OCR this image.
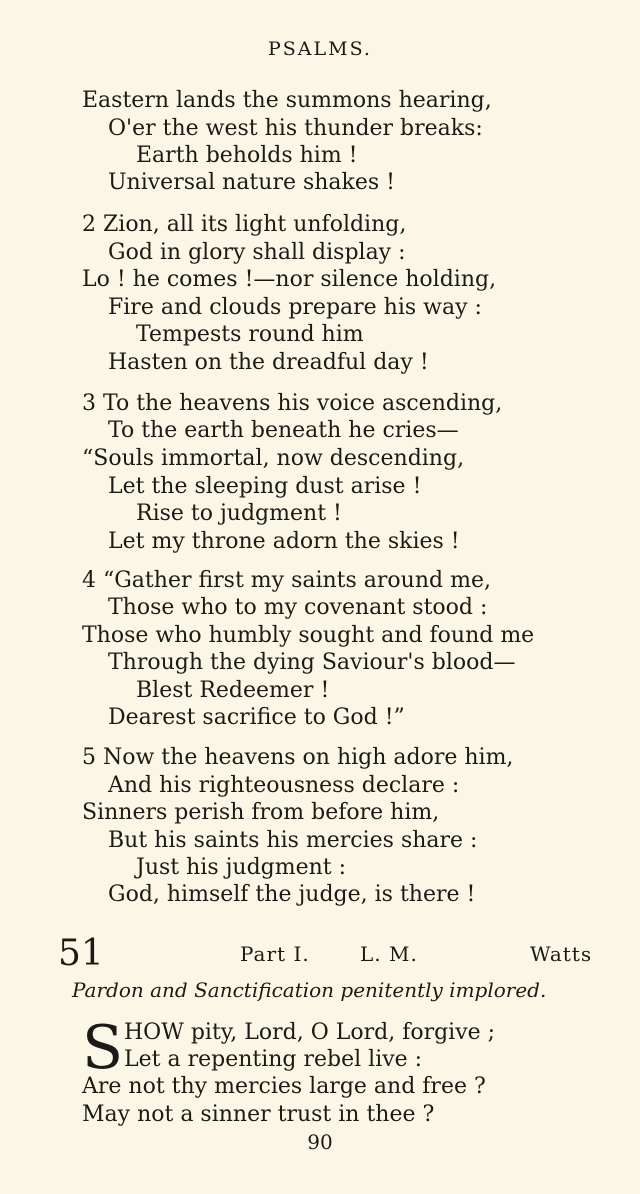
PSALMS.
Eastern lands the summons hearing,
O'er the west his thunder breaks:
Earth beholds him !
Universal nature shakes !
2 Zion, all its light unfolding,
God in glory shall display :
Lo ! he comes !—nor silence holding,
Fire and clouds prepare his way :
Tempests round him
Hasten on the dreadful day !
3 To the heavens his voice ascending,
To the earth beneath he cries—
“Souls immortal, now descending,
Let the sleeping dust arise !
Rise to judgment !
Let my throne adorn the skies !
4 “Gather first my saints around me,
Those who to my covenant stood :
Those who humbly sought and found me
Through the dying Saviour's blood—
Blest Redeemer !
Dearest sacrifice to God !”
5 Now the heavens on high adore him,
And his righteousness declare :
Sinners perish from before him,
But his saints his mercies share :
Just his judgment :
God, himself the judge, is there !
51	Part I.	L. M.	Watts
Pardon and Sanctification penitently implored.
S HOW pity, Lord, O Lord, forgive ;
Let a repenting rebel live :
Are not thy mercies large and free ?
May not a sinner trust in thee ?
90
